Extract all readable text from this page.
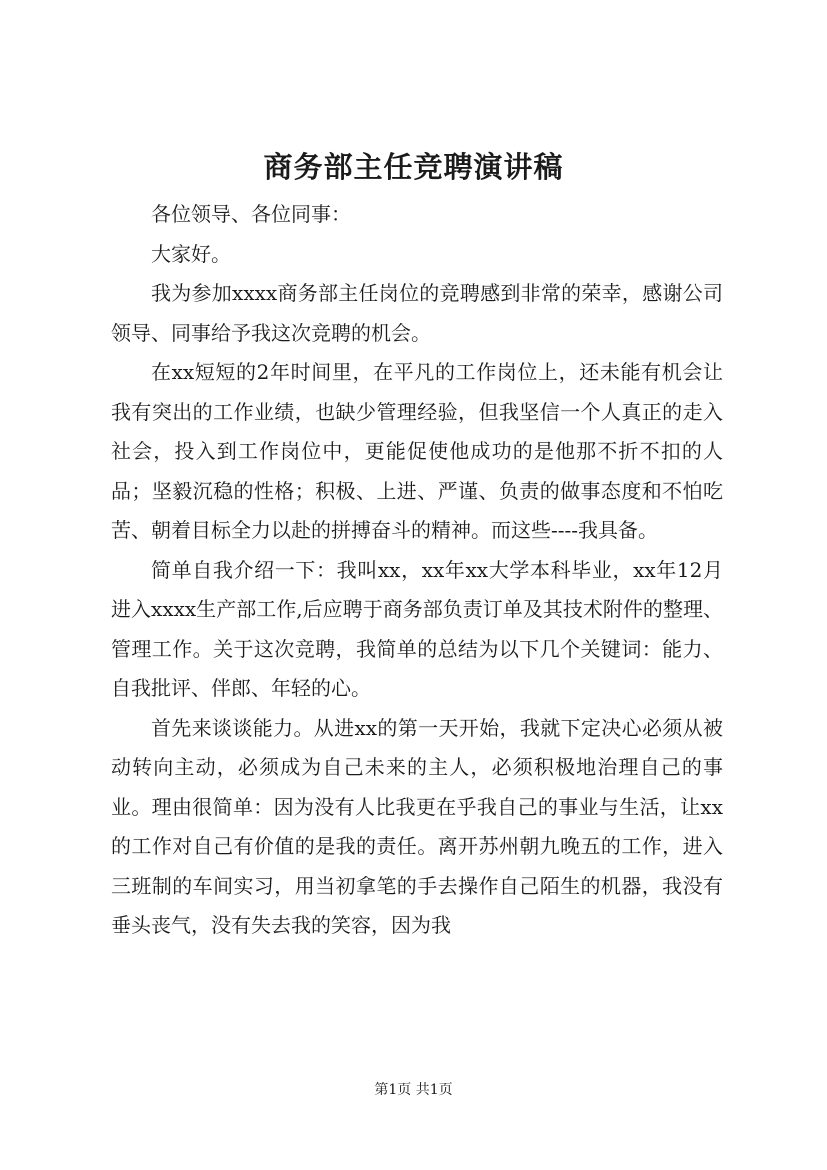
商务部主任竞聘演讲稿

各位领导、各位同事：

大家好。

我为参加xxxx商务部主任岗位的竞聘感到非常的荣幸，感谢公司领导、同事给予我这次竞聘的机会。

在xx短短的2年时间里，在平凡的工作岗位上，还未能有机会让我有突出的工作业绩，也缺少管理经验，但我坚信一个人真正的走入社会，投入到工作岗位中，更能促使他成功的是他那不折不扣的人品；坚毅沉稳的性格；积极、上进、严谨、负责的做事态度和不怕吃苦、朝着目标全力以赴的拼搏奋斗的精神。而这些----我具备。

简单自我介绍一下：我叫xx，xx年xx大学本科毕业，xx年12月进入xxxx生产部工作,后应聘于商务部负责订单及其技术附件的整理、管理工作。关于这次竞聘，我简单的总结为以下几个关键词：能力、自我批评、伴郎、年轻的心。

首先来谈谈能力。从进xx的第一天开始，我就下定决心必须从被动转向主动，必须成为自己未来的主人，必须积极地治理自己的事业。理由很简单：因为没有人比我更在乎我自己的事业与生活，让xx的工作对自己有价值的是我的责任。离开苏州朝九晚五的工作，进入三班制的车间实习，用当初拿笔的手去操作自己陌生的机器，我没有垂头丧气，没有失去我的笑容，因为我

第1页 共1页
